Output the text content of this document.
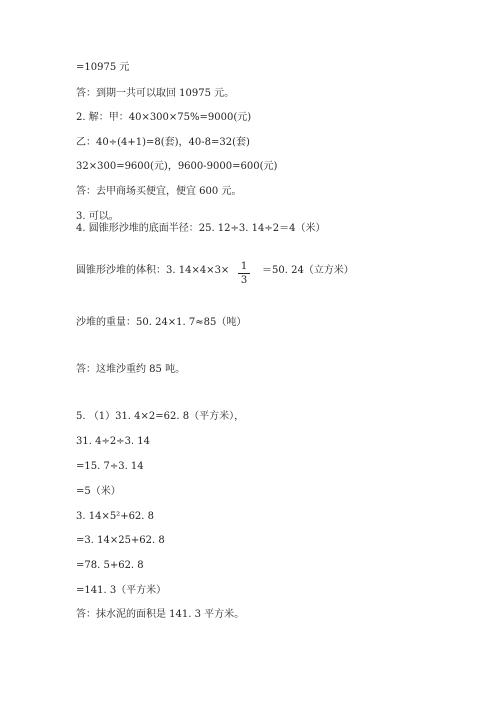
=10975 元
答：到期一共可以取回 10975 元。
2. 解：甲：40×300×75%=9000(元)
乙：40÷(4+1)=8(套)，40-8=32(套)
32×300=9600(元)，9600-9000=600(元)
答：去甲商场买便宜，便宜 600 元。
3. 可以。
4. 圆锥形沙堆的底面半径：25. 12÷3. 14÷2＝4（米）
圆锥形沙堆的体积：3. 14×4×3× 1
3
＝50. 24（立方米）
沙堆的重量：50. 24×1. 7≈85（吨）
答：这堆沙重约 85 吨。
5. （1）31. 4×2=62. 8（平方米），
31. 4÷2÷3. 14
=15. 7÷3. 14
=5（米）
3. 14×5²+62. 8
=3. 14×25+62. 8
=78. 5+62. 8
=141. 3（平方米）
答：抹水泥的面积是 141. 3 平方米。
